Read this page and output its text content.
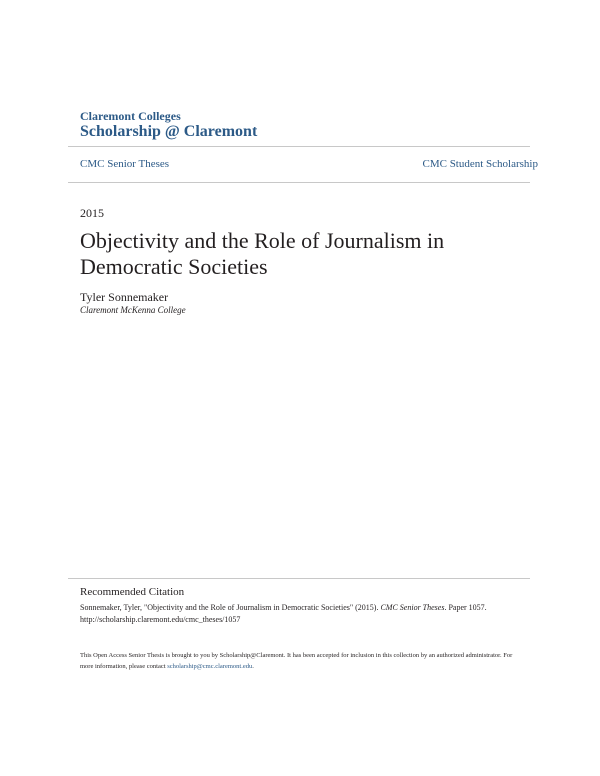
Claremont Colleges
Scholarship @ Claremont
CMC Senior Theses	CMC Student Scholarship
2015
Objectivity and the Role of Journalism in Democratic Societies
Tyler Sonnemaker
Claremont McKenna College
Recommended Citation
Sonnemaker, Tyler, "Objectivity and the Role of Journalism in Democratic Societies" (2015). CMC Senior Theses. Paper 1057.
http://scholarship.claremont.edu/cmc_theses/1057
This Open Access Senior Thesis is brought to you by Scholarship@Claremont. It has been accepted for inclusion in this collection by an authorized administrator. For more information, please contact scholarship@cmc.claremont.edu.
